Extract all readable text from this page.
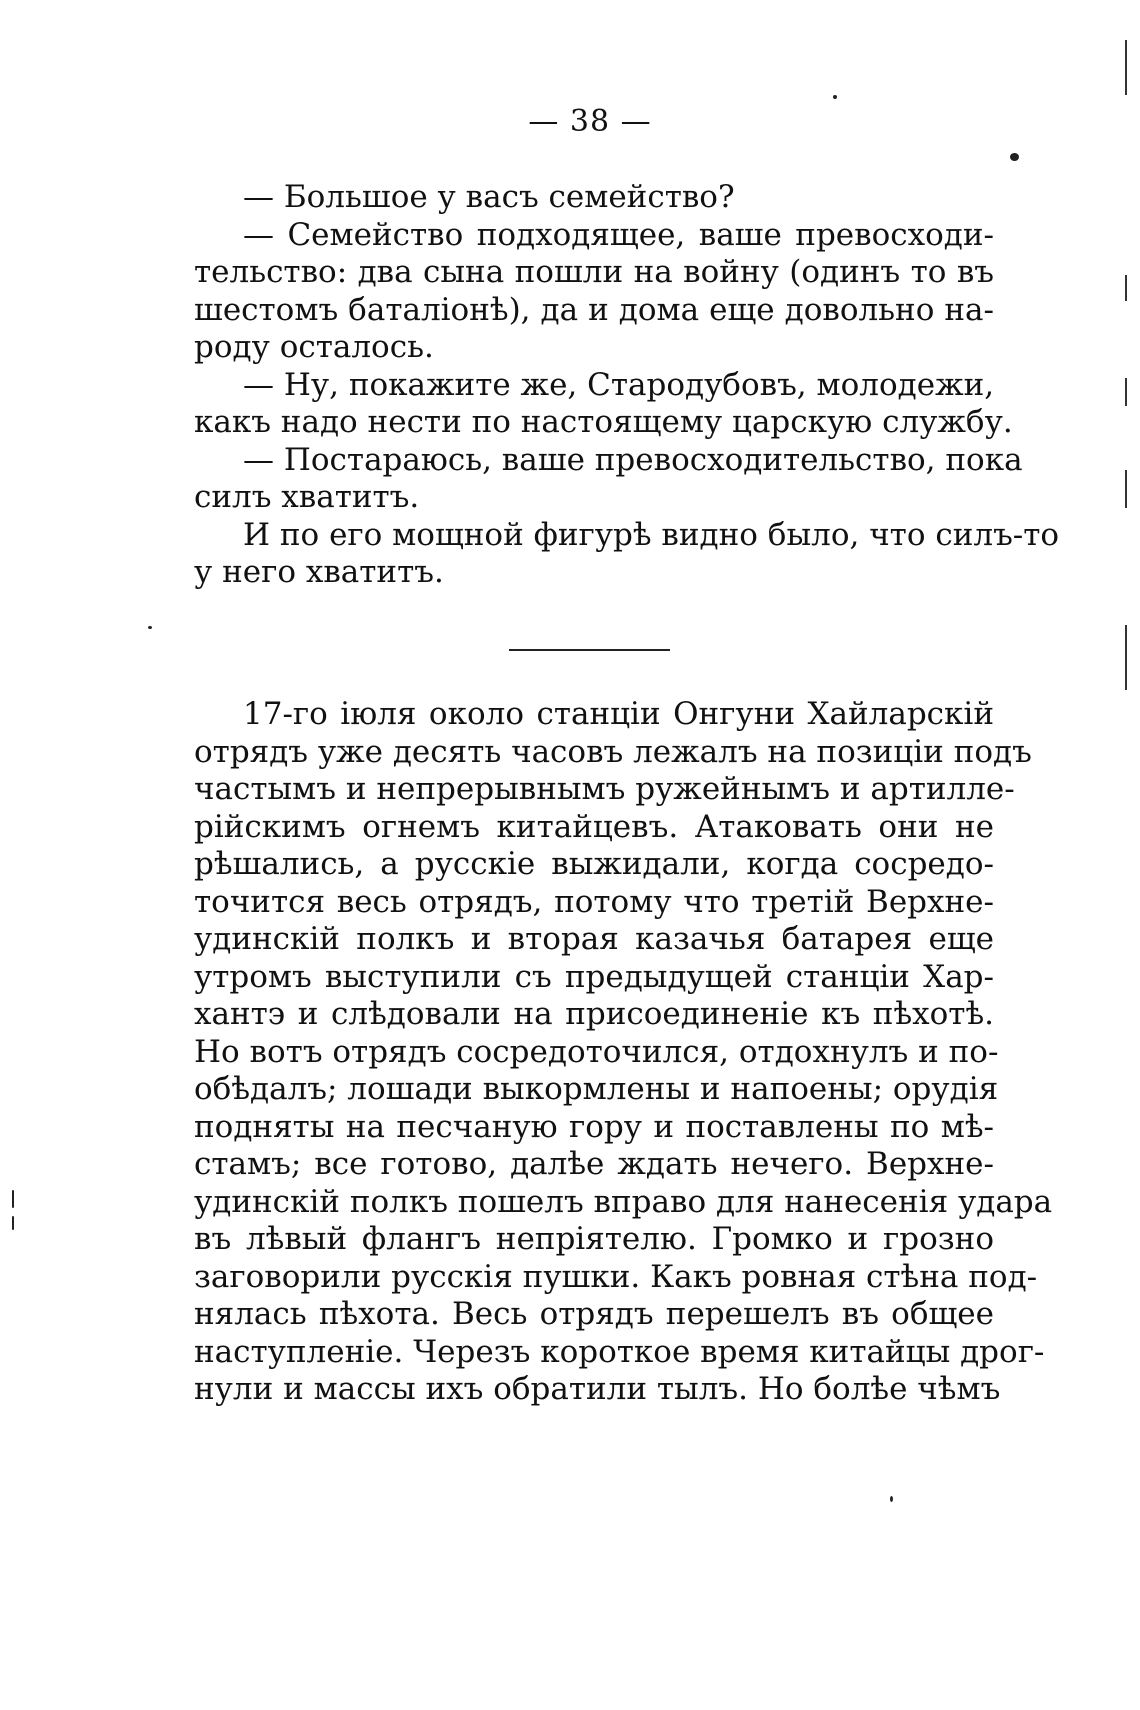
— 38 —
— Большое у васъ семейство?
— Семейство подходящее, ваше превосходи-
тельство: два сына пошли на войну (одинъ то въ
шестомъ баталіонѣ), да и дома еще довольно на-
роду осталось.
— Ну, покажите же, Стародубовъ, молодежи,
какъ надо нести по настоящему царскую службу.
— Постараюсь, ваше превосходительство, пока
силъ хватитъ.
И по его мощной фигурѣ видно было, что силъ-то
у него хватитъ.
17-го іюля около станціи Онгуни Хайларскій
отрядъ уже десять часовъ лежалъ на позиціи подъ
частымъ и непрерывнымъ ружейнымъ и артилле-
рійскимъ огнемъ китайцевъ. Атаковать они не
рѣшались, а русскіе выжидали, когда сосредо-
точится весь отрядъ, потому что третій Верхне-
удинскій полкъ и вторая казачья батарея еще
утромъ выступили съ предыдущей станціи Хар-
хантэ и слѣдовали на присоединеніе къ пѣхотѣ.
Но вотъ отрядъ сосредоточился, отдохнулъ и по-
обѣдалъ; лошади выкормлены и напоены; орудія
подняты на песчаную гору и поставлены по мѣ-
стамъ; все готово, далѣе ждать нечего. Верхне-
удинскій полкъ пошелъ вправо для нанесенія удара
въ лѣвый флангъ непріятелю. Громко и грозно
заговорили русскія пушки. Какъ ровная стѣна под-
нялась пѣхота. Весь отрядъ перешелъ въ общее
наступленіе. Черезъ короткое время китайцы дрог-
нули и массы ихъ обратили тылъ. Но болѣе чѣмъ
